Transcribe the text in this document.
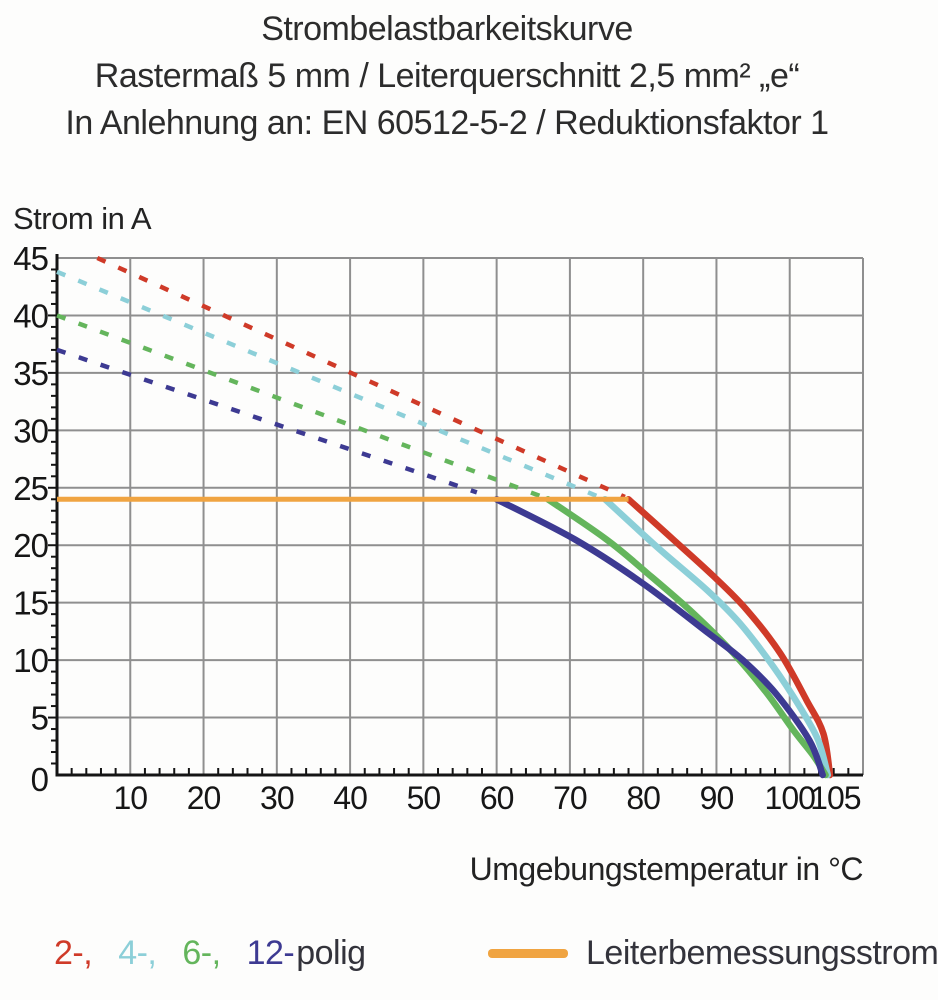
Strombelastbarkeitskurve
Rastermaß 5 mm / Leiterquerschnitt 2,5 mm² „e“
In Anlehnung an: EN 60512-5-2 / Reduktionsfaktor 1
Strom in A
0
5
10
15
20
25
30
35
40
45
10 20 30 40 50 60 70 80 90 100
105
Umgebungstemperatur in °C
2-, 4-, 6-, 12-polig	Leiterbemessungsstrom
